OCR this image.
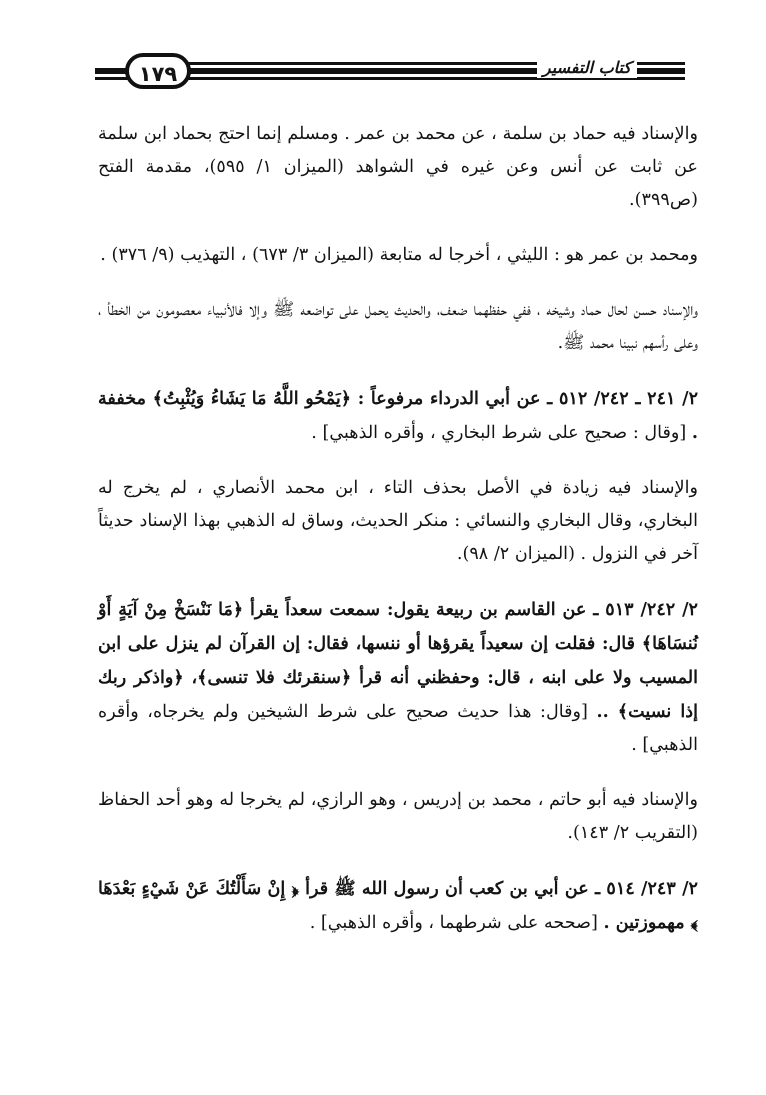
كتاب التفسير
١٧٩

والإسناد فيه حماد بن سلمة ، عن محمد بن عمر . ومسلم إنما احتج بحماد ابن سلمة عن ثابت عن أنس وعن غيره في الشواهد (الميزان ١/ ٥٩٥)، مقدمة الفتح (ص٣٩٩).

ومحمد بن عمر هو : الليثي ، أخرجا له متابعة (الميزان ٣/ ٦٧٣) ، التهذيب (٩/ ٣٧٦) .

والإسناد حسن لحال حماد وشيخه ، ففي حفظهما ضعف، والحديث يحمل على تواضعه ﷺ وإلا فالأنبياء معصومون من الخطأ ، وعلى رأسهم نبينا محمد ﷺ.

٢/ ٢٤١ ـ ٢٤٢/ ٥١٢ ـ عن أبي الدرداء مرفوعاً : ﴿يَمْحُو اللَّهُ مَا يَشَاءُ وَيُثْبِتُ﴾ مخففة . [وقال : صحيح على شرط البخاري ، وأقره الذهبي] .

والإسناد فيه زيادة في الأصل بحذف التاء ، ابن محمد الأنصاري ، لم يخرج له البخاري، وقال البخاري والنسائي : منكر الحديث، وساق له الذهبي بهذا الإسناد حديثاً آخر في النزول . (الميزان ٢/ ٩٨).

٢/ ٢٤٢/ ٥١٣ ـ عن القاسم بن ربيعة يقول: سمعت سعداً يقرأ ﴿مَا نَنْسَخْ مِنْ آيَةٍ أَوْ نُنسَاهَا﴾ قال: فقلت إن سعيداً يقرؤها أو ننسها، فقال: إن القرآن لم ينزل على ابن المسيب ولا على ابنه ، قال: وحفظني أنه قرأ ﴿سنقرئك فلا تنسى﴾، ﴿واذكر ربك إذا نسيت﴾ .. [وقال: هذا حديث صحيح على شرط الشيخين ولم يخرجاه، وأقره الذهبي] .

والإسناد فيه أبو حاتم ، محمد بن إدريس ، وهو الرازي، لم يخرجا له وهو أحد الحفاظ (التقريب ٢/ ١٤٣).

٢/ ٢٤٣/ ٥١٤ ـ عن أبي بن كعب أن رسول الله ﷺ قرأ ﴿ إِنْ سَأَلْتُكَ عَنْ شَيْءٍ بَعْدَهَا ﴾ مهموزتين . [صححه على شرطهما ، وأقره الذهبي] .
